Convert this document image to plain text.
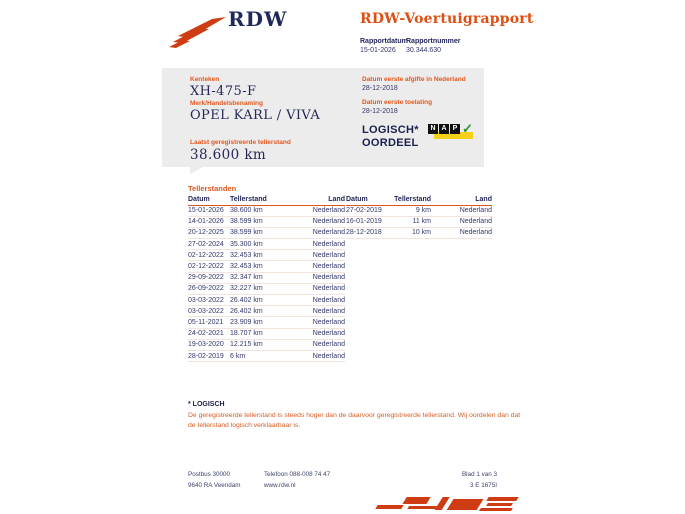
RDW	RDW-Voertuigrapport
Rapportdatum
15-01-2026
Rapportnummer
30.344.630
Kenteken
XH-475-F
Merk/Handelsbenaming
OPEL KARL / VIVA
Laatst geregistreerde tellerstand
38.600 km
Datum eerste afgifte in Nederland
28-12-2018
Datum eerste toelating
28-12-2018
LOGISCH*
OORDEEL
N A P ✓
Tellerstanden
Datum	Tellerstand	Land
15-01-2026	38.600 km	Nederland
14-01-2026	38.599 km	Nederland
20-12-2025	38.599 km	Nederland
27-02-2024	35.300 km	Nederland
02-12-2022	32.453 km	Nederland
02-12-2022	32.453 km	Nederland
29-09-2022	32.347 km	Nederland
26-09-2022	32.227 km	Nederland
03-03-2022	26.402 km	Nederland
03-03-2022	26.402 km	Nederland
05-11-2021	23.909 km	Nederland
24-02-2021	18.707 km	Nederland
19-03-2020	12.215 km	Nederland
28-02-2019	6 km	Nederland
Datum	Tellerstand	Land
27-02-2019	9 km	Nederland
16-01-2019	11 km	Nederland
28-12-2018	10 km	Nederland
* LOGISCH
De geregistreerde tellerstand is steeds hoger dan de daarvoor geregistreerde tellerstand. Wij oordelen dan dat de tellerstand logisch verklaarbaar is.
Postbus 30000
9640 RA Veendam
Telefoon 088-008 74 47
www.rdw.nl
Blad 1 van 3
3 E 1675I
